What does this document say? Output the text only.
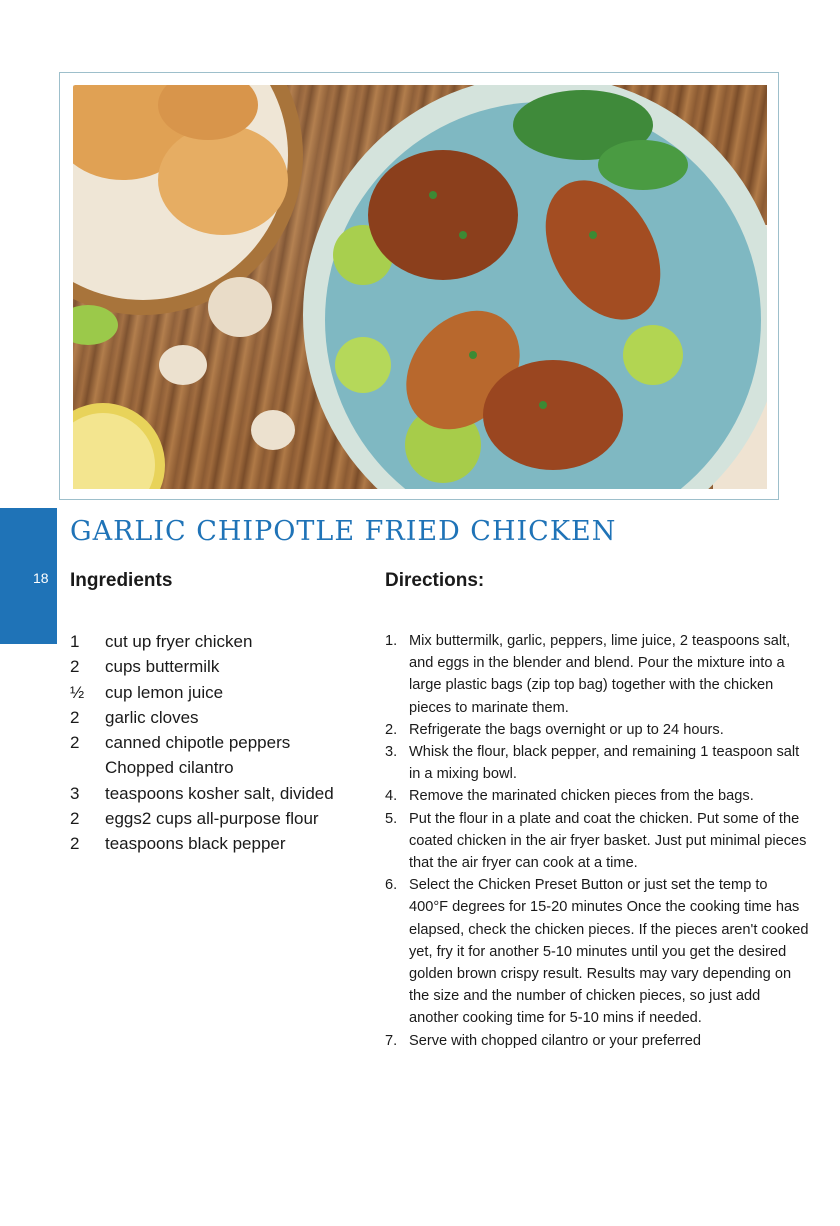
18
GARLIC CHIPOTLE FRIED CHICKEN
Ingredients	Directions:
1	cut up fryer chicken
2	cups buttermilk
½	cup lemon juice
2	garlic cloves
2	canned chipotle peppers
Chopped cilantro
3	teaspoons kosher salt, divided
2	eggs2 cups all-purpose flour
2	teaspoons black pepper
1. Mix buttermilk, garlic, peppers, lime juice, 2 teaspoons salt, and eggs in the blender and blend. Pour the mixture into a large plastic bags (zip top bag) together with the chicken pieces to marinate them.
2. Refrigerate the bags overnight or up to 24 hours.
3. Whisk the flour, black pepper, and remaining 1 teaspoon salt in a mixing bowl.
4. Remove the marinated chicken pieces from the bags.
5. Put the flour in a plate and coat the chicken. Put some of the coated chicken in the air fryer basket. Just put minimal pieces that the air fryer can cook at a time.
6. Select the Chicken Preset Button or just set the temp to 400°F degrees for 15-20 minutes Once the cooking time has elapsed, check the chicken pieces. If the pieces aren't cooked yet, fry it for another 5-10 minutes until you get the desired golden brown crispy result. Results may vary depending on the size and the number of chicken pieces, so just add another cooking time for 5-10 mins if needed.
7. Serve with chopped cilantro or your preferred
